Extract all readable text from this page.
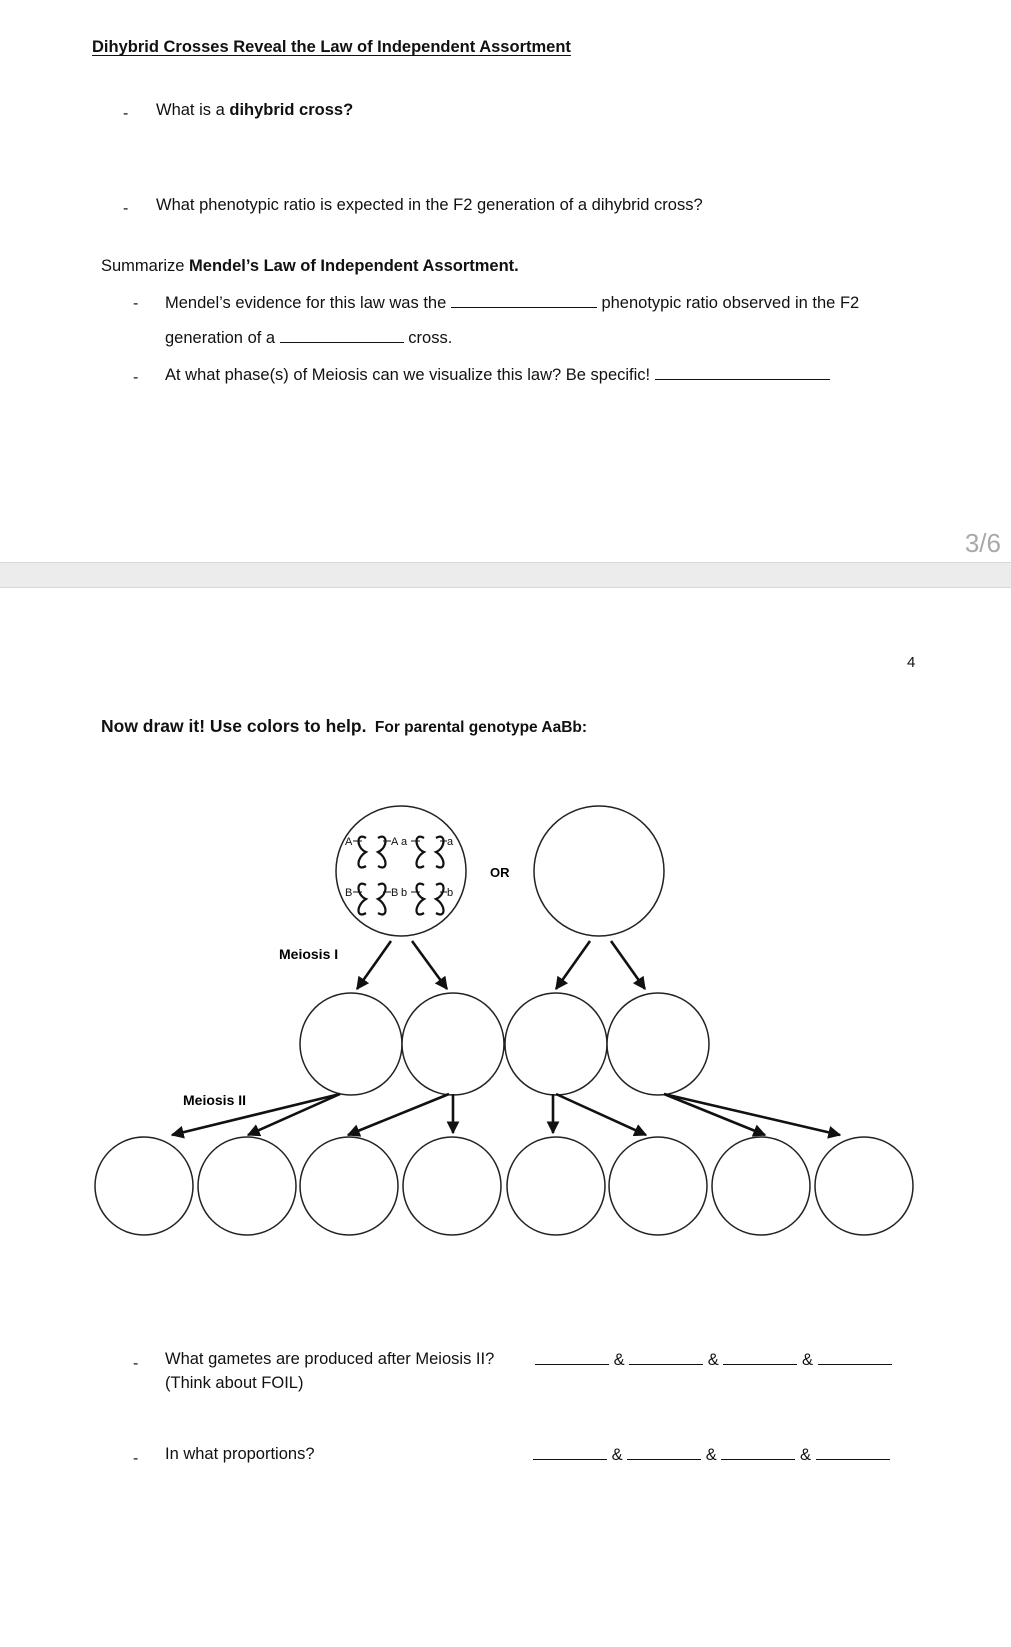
Dihybrid Crosses Reveal the Law of Independent Assortment
- What is a dihybrid cross?
- What phenotypic ratio is expected in the F2 generation of a dihybrid cross?
Summarize Mendel’s Law of Independent Assortment.
- Mendel’s evidence for this law was the	phenotypic ratio observed in the F2
generation of a	cross.
- At what phase(s) of Meiosis can we visualize this law? Be specific!
3/6
4
Now draw it! Use colors to help. For parental genotype AaBb:
A	A a	a
B	B b	b
OR
Meiosis I
Meiosis II
- What gametes are produced after Meiosis II?
(Think about FOIL)
&	&	&
- In what proportions?	&	&	&
